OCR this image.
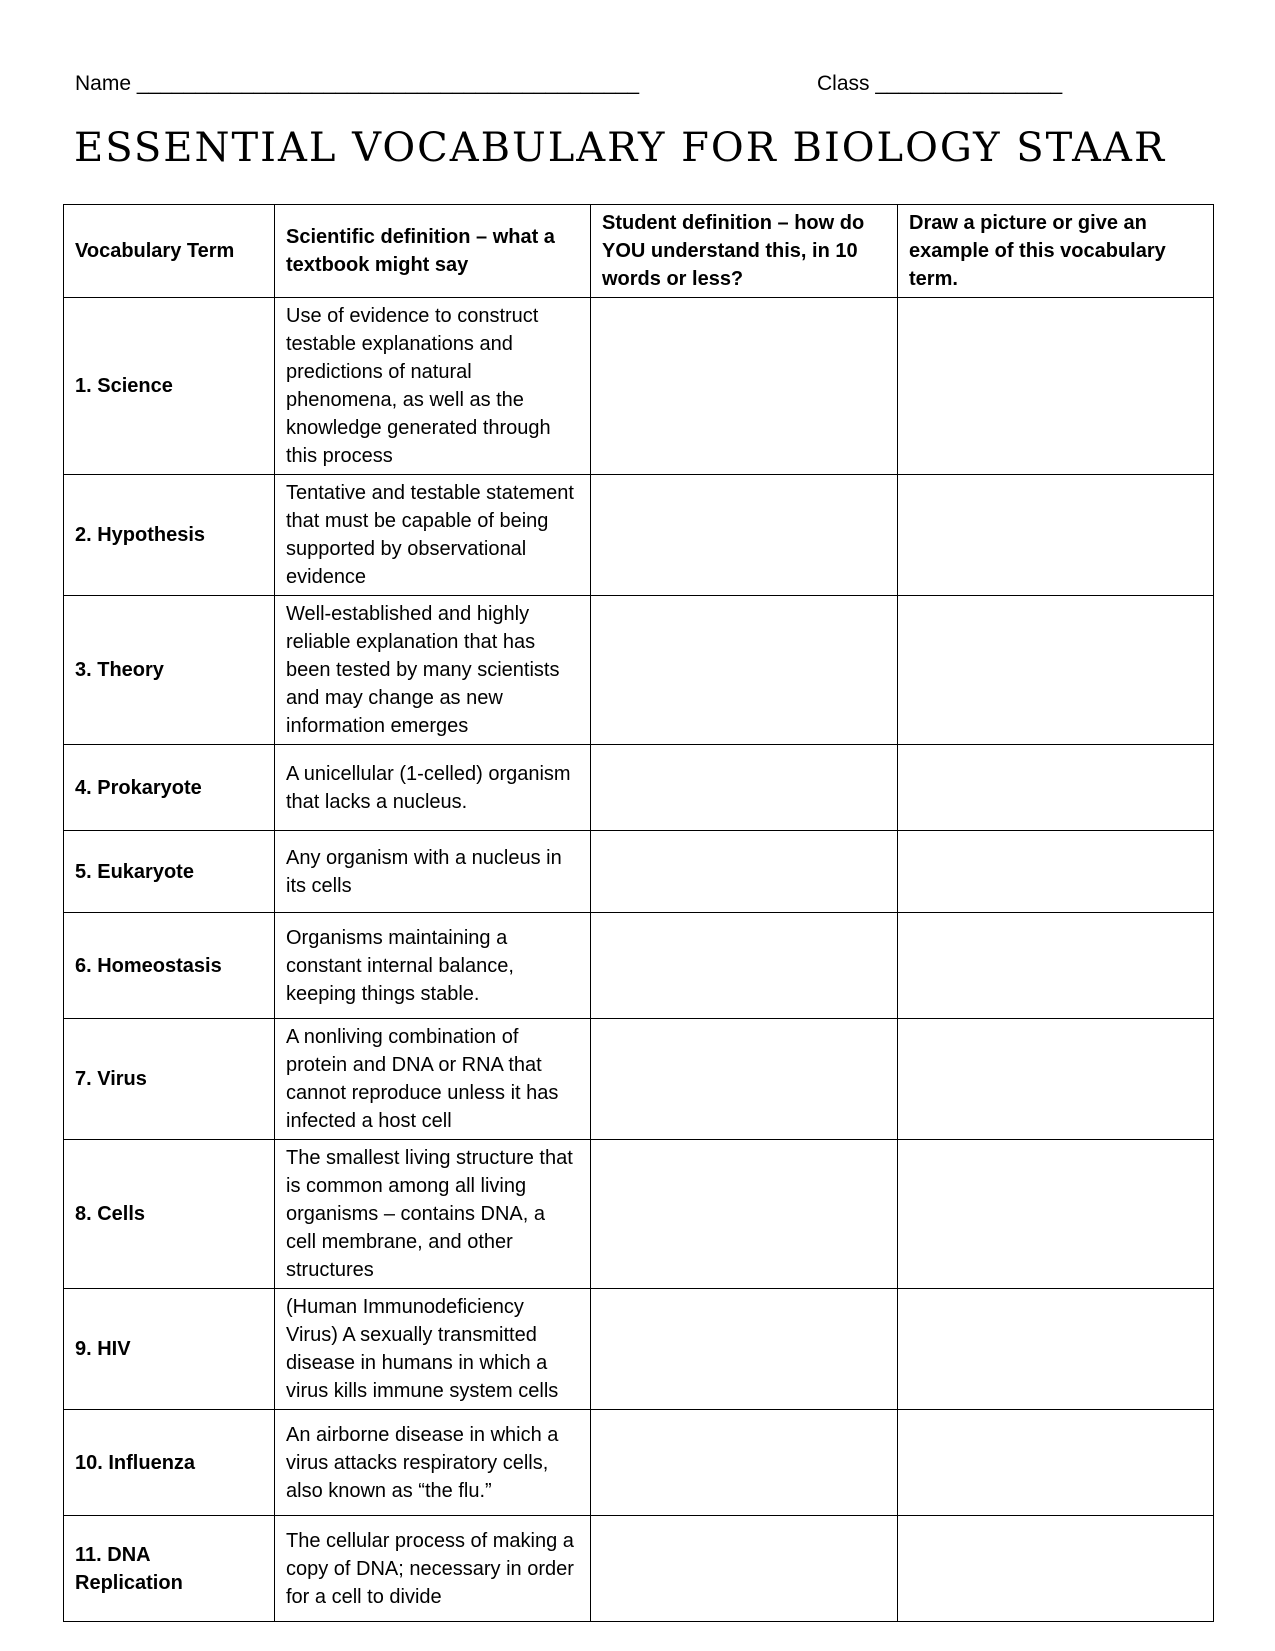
Name ___________________________________________	Class ________________
ESSENTIAL VOCABULARY FOR BIOLOGY STAAR
Vocabulary Term	Scientific definition – what a textbook might say	Student definition – how do YOU understand this, in 10 words or less?	Draw a picture or give an example of this vocabulary term.
1. Science	Use of evidence to construct testable explanations and predictions of natural phenomena, as well as the knowledge generated through this process		
2. Hypothesis	Tentative and testable statement that must be capable of being supported by observational evidence		
3. Theory	Well-established and highly reliable explanation that has been tested by many scientists and may change as new information emerges		
4. Prokaryote	A unicellular (1-celled) organism that lacks a nucleus.		
5. Eukaryote	Any organism with a nucleus in its cells		
6. Homeostasis	Organisms maintaining a constant internal balance, keeping things stable.		
7. Virus	A nonliving combination of protein and DNA or RNA that cannot reproduce unless it has infected a host cell		
8. Cells	The smallest living structure that is common among all living organisms – contains DNA, a cell membrane, and other structures		
9. HIV	(Human Immunodeficiency Virus) A sexually transmitted disease in humans in which a virus kills immune system cells		
10. Influenza	An airborne disease in which a virus attacks respiratory cells, also known as “the flu.”		
11. DNA Replication	The cellular process of making a copy of DNA; necessary in order for a cell to divide		
